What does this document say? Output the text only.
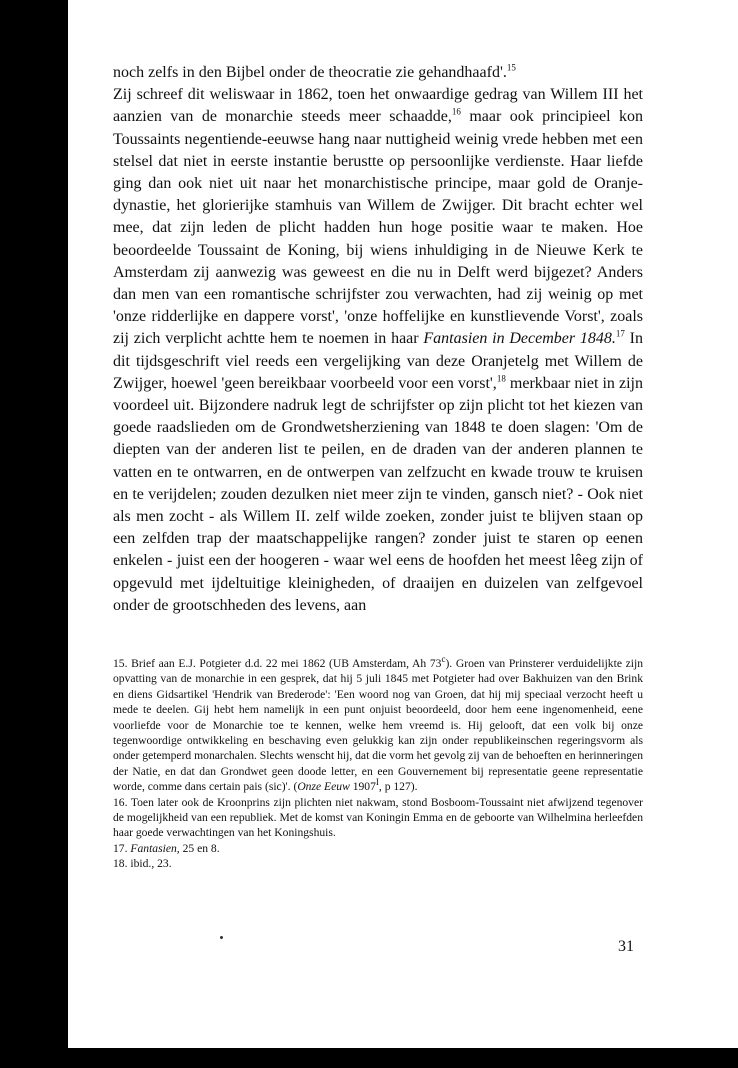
noch zelfs in den Bijbel onder de theocratie zie gehandhaafd'.$^{15}$

Zij schreef dit weliswaar in 1862, toen het onwaardige gedrag van Willem III het aanzien van de monarchie steeds meer schaadde,$^{16}$ maar ook principieel kon Toussaints negentiende-eeuwse hang naar nuttigheid weinig vrede hebben met een stelsel dat niet in eerste instantie berustte op persoonlijke verdienste. Haar liefde ging dan ook niet uit naar het monarchistische principe, maar gold de Oranje-dynastie, het glorierijke stamhuis van Willem de Zwijger. Dit bracht echter wel mee, dat zijn leden de plicht hadden hun hoge positie waar te maken. Hoe beoordeelde Toussaint de Koning, bij wiens inhuldiging in de Nieuwe Kerk te Amsterdam zij aanwezig was geweest en die nu in Delft werd bijgezet? Anders dan men van een romantische schrijfster zou verwachten, had zij weinig op met 'onze ridderlijke en dappere vorst', 'onze hoffelijke en kunstlievende Vorst', zoals zij zich verplicht achtte hem te noemen in haar Fantasien in December 1848.17 In dit tijdsgeschrift viel reeds een vergelijking van deze Oranjetelg met Willem de Zwijger, hoewel 'geen bereikbaar voorbeeld voor een vorst',$^{18}$ merkbaar niet in zijn voordeel uit. Bijzondere nadruk legt de schrijfster op zijn plicht tot het kiezen van goede raadslieden om de Grondwetsherziening van 1848 te doen slagen: 'Om de diepten van der anderen list te peilen, en de draden van der anderen plannen te vatten en te ontwarren, en de ontwerpen van zelfzucht en kwade trouw te kruisen en te verijdelen; zouden dezulken niet meer zijn te vinden, gansch niet? - Ook niet als men zocht - als Willem II. zelf wilde zoeken, zonder juist te blijven staan op een zelfden trap der maatschappelijke rangen? zonder juist te staren op eenen enkelen - juist een der hoogeren - waar wel eens de hoofden het meest lêeg zijn of opgevuld met ijdeltuitige kleinigheden, of draaijen en duizelen van zelfgevoel onder de grootschheden des levens, aan

15. Brief aan E.J. Potgieter d.d. 22 mei 1862 (UB Amsterdam, Ah 73$^c$). Groen van Prinsterer verduidelijkte zijn opvatting van de monarchie in een gesprek, dat hij 5 juli 1845 met Potgieter had over Bakhuizen van den Brink en diens Gidsartikel 'Hendrik van Brederode': 'Een woord nog van Groen, dat hij mij speciaal verzocht heeft u mede te deelen. Gij hebt hem namelijk in een punt onjuist beoordeeld, door hem eene ingenomenheid, eene voorliefde voor de Monarchie toe te kennen, welke hem vreemd is. Hij gelooft, dat een volk bij onze tegenwoordige ontwikkeling en beschaving even gelukkig kan zijn onder republikeinschen regeringsvorm als onder getemperd monarchalen. Slechts wenscht hij, dat die vorm het gevolg zij van de behoeften en herinneringen der Natie, en dat dan Grondwet geen doode letter, en een Gouvernement bij representatie geene representatie worde, comme dans certain pais (sic)'. (Onze Eeuw $1907^I$, p 127).

16. Toen later ook de Kroonprins zijn plichten niet nakwam, stond Bosboom-Toussaint niet afwijzend tegenover de mogelijkheid van een republiek. Met de komst van Koningin Emma en de geboorte van Wilhelmina herleefden haar goede verwachtingen van het Koningshuis.

17. Fantasien, 25 en 8.

18. ibid., 23.

31
